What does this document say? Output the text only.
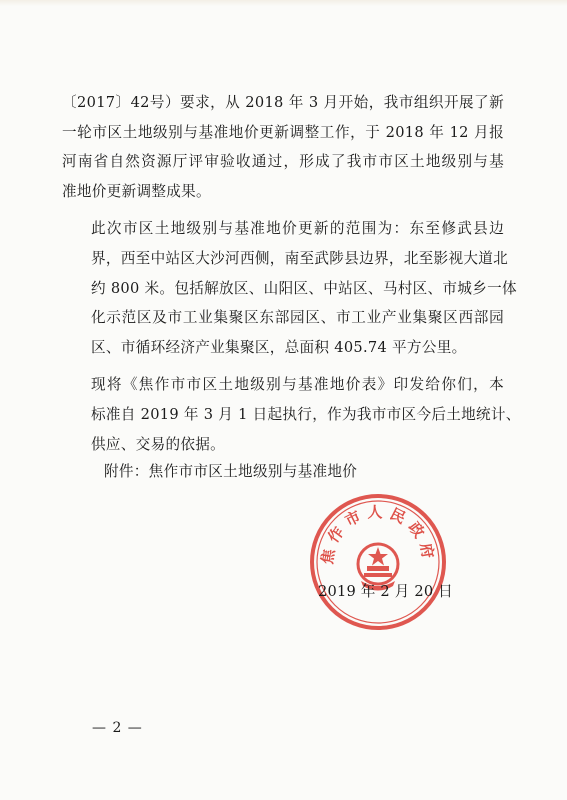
〔2017〕42号）要求，从 2018 年 3 月开始，我市组织开展了新
一轮市区土地级别与基准地价更新调整工作，于 2018 年 12 月报
河南省自然资源厅评审验收通过，形成了我市市区土地级别与基
准地价更新调整成果。

此次市区土地级别与基准地价更新的范围为：东至修武县边
界，西至中站区大沙河西侧，南至武陟县边界，北至影视大道北
约 800 米。包括解放区、山阳区、中站区、马村区、市城乡一体
化示范区及市工业集聚区东部园区、市工业产业集聚区西部园
区、市循环经济产业集聚区，总面积 405.74 平方公里。

现将《焦作市市区土地级别与基准地价表》印发给你们，本
标准自 2019 年 3 月 1 日起执行，作为我市市区今后土地统计、
供应、交易的依据。

附件：焦作市市区土地级别与基准地价
焦作市人民政府
2019 年 2 月 20 日
— 2 —
